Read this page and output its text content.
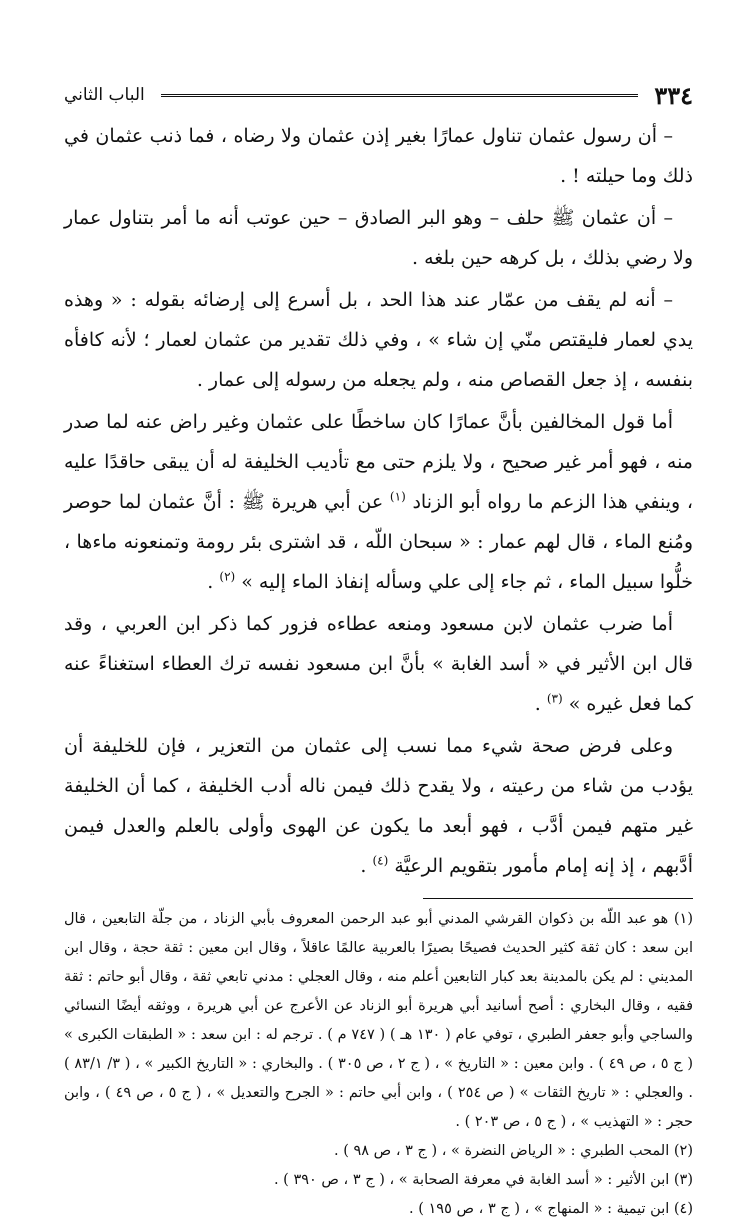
٣٣٤
الباب الثاني

– أن رسول عثمان تناول عمارًا بغير إذن عثمان ولا رضاه ، فما ذنب عثمان في ذلك وما حيلته ! .

– أن عثمان ﷺ حلف – وهو البر الصادق – حين عوتب أنه ما أمر بتناول عمار ولا رضي بذلك ، بل كرهه حين بلغه .

– أنه لم يقف من عمّار عند هذا الحد ، بل أسرع إلى إرضائه بقوله : « وهذه يدي لعمار فليقتص منّي إن شاء » ، وفي ذلك تقدير من عثمان لعمار ؛ لأنه كافأه بنفسه ، إذ جعل القصاص منه ، ولم يجعله من رسوله إلى عمار .

أما قول المخالفين بأنَّ عمارًا كان ساخطًا على عثمان وغير راض عنه لما صدر منه ، فهو أمر غير صحيح ، ولا يلزم حتى مع تأديب الخليفة له أن يبقى حاقدًا عليه ، وينفي هذا الزعم ما رواه أبو الزناد $^{(١)}$ عن أبي هريرة ﷺ : أنَّ عثمان لما حوصر ومُنع الماء ، قال لهم عمار : « سبحان اللّه ، قد اشترى بئر رومة وتمنعونه ماءها ، خلُّوا سبيل الماء ، ثم جاء إلى علي وسأله إنفاذ الماء إليه » $^{(٢)}$ .

أما ضرب عثمان لابن مسعود ومنعه عطاءه فزور كما ذكر ابن العربي ، وقد قال ابن الأثير في « أسد الغابة » بأنَّ ابن مسعود نفسه ترك العطاء استغناءً عنه كما فعل غيره » $^{(٣)}$ .

وعلى فرض صحة شيء مما نسب إلى عثمان من التعزير ، فإن للخليفة أن يؤدب من شاء من رعيته ، ولا يقدح ذلك فيمن ناله أدب الخليفة ، كما أن الخليفة غير متهم فيمن أدَّب ، فهو أبعد ما يكون عن الهوى وأولى بالعلم والعدل فيمن أدَّبهم ، إذ إنه إمام مأمور بتقويم الرعيَّة $^{(٤)}$ .

(١) هو عبد اللّه بن ذكوان القرشي المدني أبو عبد الرحمن المعروف بأبي الزناد ، من جلّة التابعين ، قال ابن سعد : كان ثقة كثير الحديث فصيحًا بصيرًا بالعربية عالمًا عاقلاً ، وقال ابن معين : ثقة حجة ، وقال ابن المديني : لم يكن بالمدينة بعد كبار التابعين أعلم منه ، وقال العجلي : مدني تابعي ثقة ، وقال أبو حاتم : ثقة فقيه ، وقال البخاري : أصح أسانيد أبي هريرة أبو الزناد عن الأعرج عن أبي هريرة ، ووثقه أيضًا النسائي والساجي وأبو جعفر الطبري ، توفي عام ( ١٣٠ هـ ) ( ٧٤٧ م ) . ترجم له : ابن سعد : « الطبقات الكبرى » ( ج ٥ ، ص ٤٩ ) . وابن معين : « التاريخ » ، ( ج ٢ ، ص ٣٠٥ ) . والبخاري : « التاريخ الكبير » ، ( ٣/ ٨٣/١ ) . والعجلي : « تاريخ الثقات » ( ص ٢٥٤ ) ، وابن أبي حاتم : « الجرح والتعديل » ، ( ج ٥ ، ص ٤٩ ) ، وابن حجر : « التهذيب » ، ( ج ٥ ، ص ٢٠٣ ) .

(٢) المحب الطبري : « الرياض النضرة » ، ( ج ٣ ، ص ٩٨ ) .

(٣) ابن الأثير : « أسد الغابة في معرفة الصحابة » ، ( ج ٣ ، ص ٣٩٠ ) .

(٤) ابن تيمية : « المنهاج » ، ( ج ٣ ، ص ١٩٥ ) .
